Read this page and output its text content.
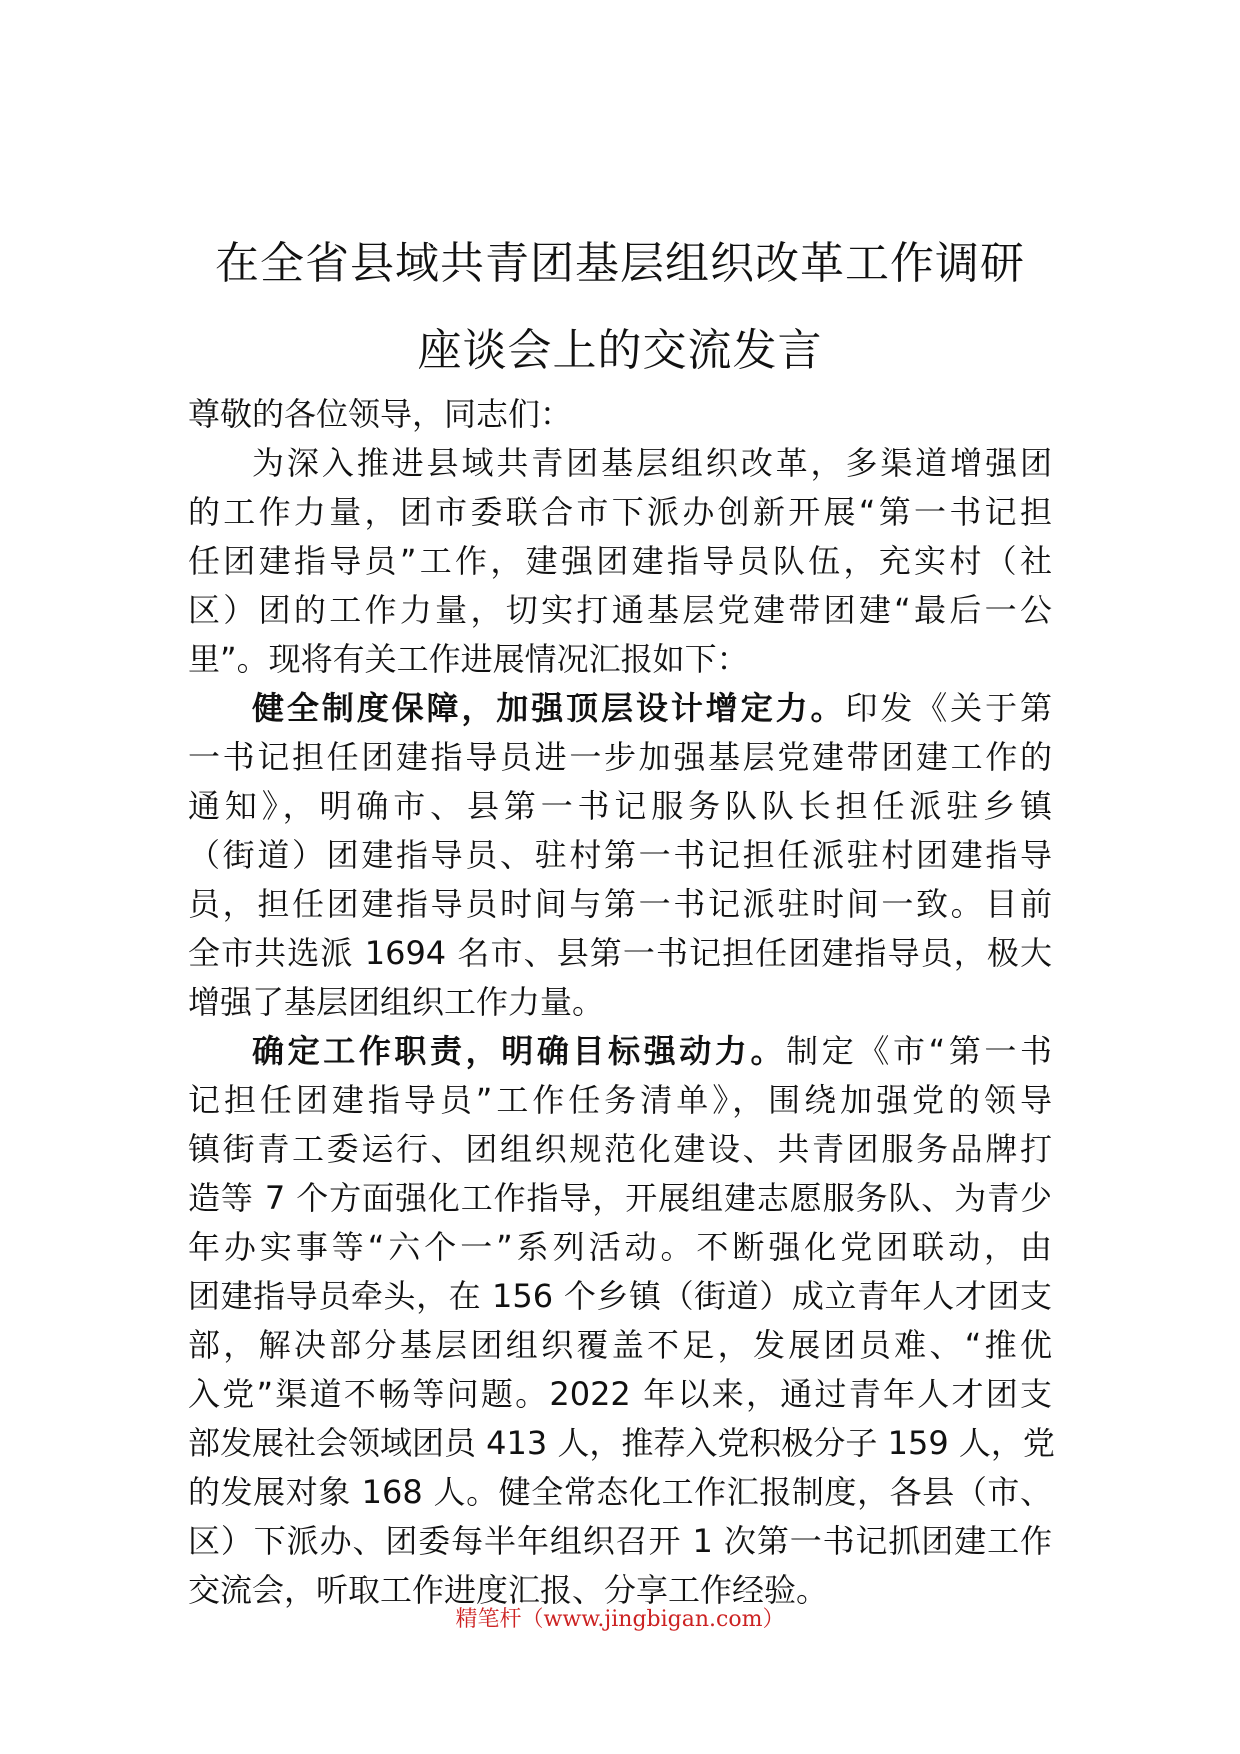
在全省县域共青团基层组织改革工作调研
座谈会上的交流发言
尊敬的各位领导，同志们：
为深入推进县域共青团基层组织改革，多渠道增强团
的工作力量，团市委联合市下派办创新开展“第一书记担
任团建指导员”工作，建强团建指导员队伍，充实村（社
区）团的工作力量，切实打通基层党建带团建“最后一公
里”。现将有关工作进展情况汇报如下：
健全制度保障，加强顶层设计增定力。印发《关于第
一书记担任团建指导员进一步加强基层党建带团建工作的
通知》，明确市、县第一书记服务队队长担任派驻乡镇
（街道）团建指导员、驻村第一书记担任派驻村团建指导
员，担任团建指导员时间与第一书记派驻时间一致。目前
全市共选派 1694 名市、县第一书记担任团建指导员，极大
增强了基层团组织工作力量。
确定工作职责，明确目标强动力。制定《市“第一书
记担任团建指导员”工作任务清单》，围绕加强党的领导
镇街青工委运行、团组织规范化建设、共青团服务品牌打
造等 7 个方面强化工作指导，开展组建志愿服务队、为青少
年办实事等“六个一”系列活动。不断强化党团联动，由
团建指导员牵头，在 156 个乡镇（街道）成立青年人才团支
部，解决部分基层团组织覆盖不足，发展团员难、“推优
入党”渠道不畅等问题。2022 年以来，通过青年人才团支
部发展社会领域团员 413 人，推荐入党积极分子 159 人，党
的发展对象 168 人。健全常态化工作汇报制度，各县（市、
区）下派办、团委每半年组织召开 1 次第一书记抓团建工作
交流会，听取工作进度汇报、分享工作经验。
精笔杆（www.jingbigan.com）
